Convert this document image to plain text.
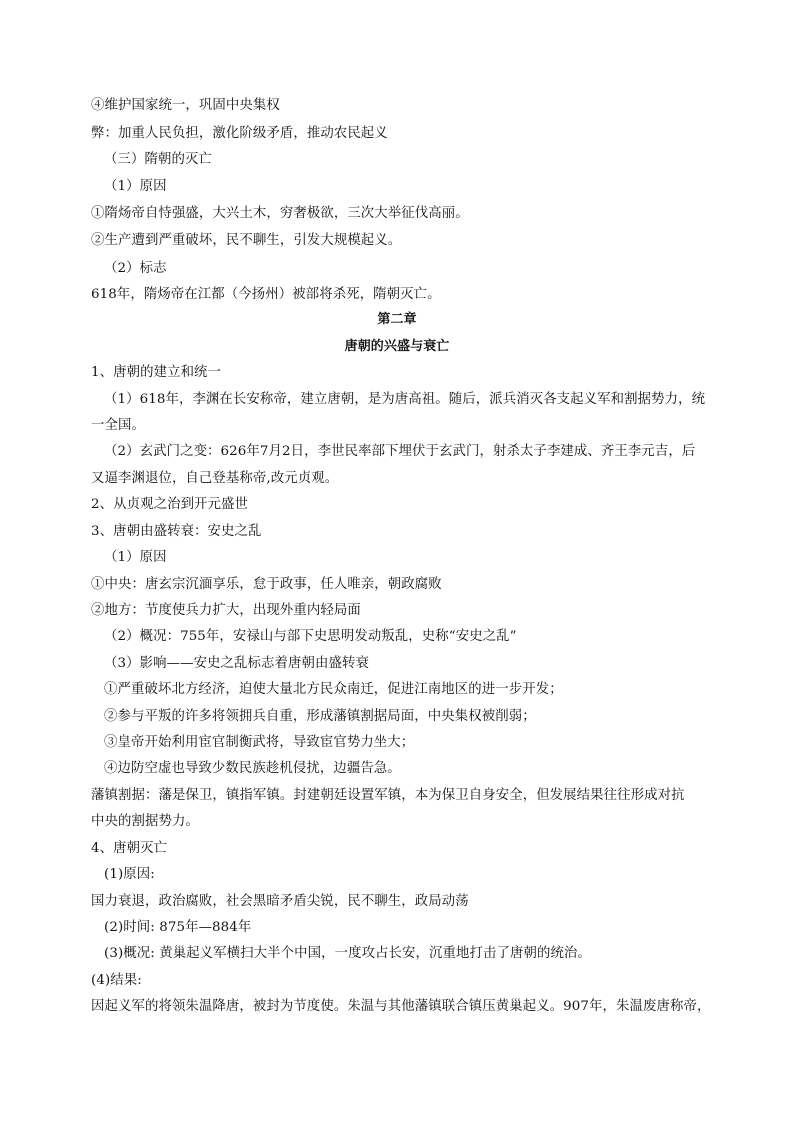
④维护国家统一，巩固中央集权
弊：加重人民负担，激化阶级矛盾，推动农民起义
（三）隋朝的灭亡
（1）原因
①隋炀帝自恃强盛，大兴土木，穷奢极欲，三次大举征伐高丽。
②生产遭到严重破坏，民不聊生，引发大规模起义。
（2）标志
618年，隋炀帝在江都（今扬州）被部将杀死，隋朝灭亡。
第二章
唐朝的兴盛与衰亡
1、唐朝的建立和统一
（1）618年，李渊在长安称帝，建立唐朝，是为唐高祖。随后，派兵消灭各支起义军和割据势力，统
一全国。
（2）玄武门之变：626年7月2日，李世民率部下埋伏于玄武门，射杀太子李建成、齐王李元吉，后
又逼李渊退位，自己登基称帝,改元贞观。
2、从贞观之治到开元盛世
3、唐朝由盛转衰：安史之乱
（1）原因
①中央：唐玄宗沉湎享乐，怠于政事，任人唯亲，朝政腐败
②地方：节度使兵力扩大，出现外重内轻局面
（2）概况：755年，安禄山与部下史思明发动叛乱，史称“安史之乱”
（3）影响——安史之乱标志着唐朝由盛转衰
①严重破坏北方经济，迫使大量北方民众南迁，促进江南地区的进一步开发；
②参与平叛的许多将领拥兵自重，形成藩镇割据局面，中央集权被削弱；
③皇帝开始利用宦官制衡武将，导致宦官势力坐大；
④边防空虚也导致少数民族趁机侵扰，边疆告急。
藩镇割据：藩是保卫，镇指军镇。封建朝廷设置军镇，本为保卫自身安全，但发展结果往往形成对抗
中央的割据势力。
4、唐朝灭亡
(1)原因:
国力衰退，政治腐败，社会黑暗矛盾尖锐，民不聊生，政局动荡
(2)时间: 875年—884年
(3)概况: 黄巢起义军横扫大半个中国，一度攻占长安，沉重地打击了唐朝的统治。
(4)结果:
因起义军的将领朱温降唐，被封为节度使。朱温与其他藩镇联合镇压黄巢起义。907年，朱温废唐称帝，
